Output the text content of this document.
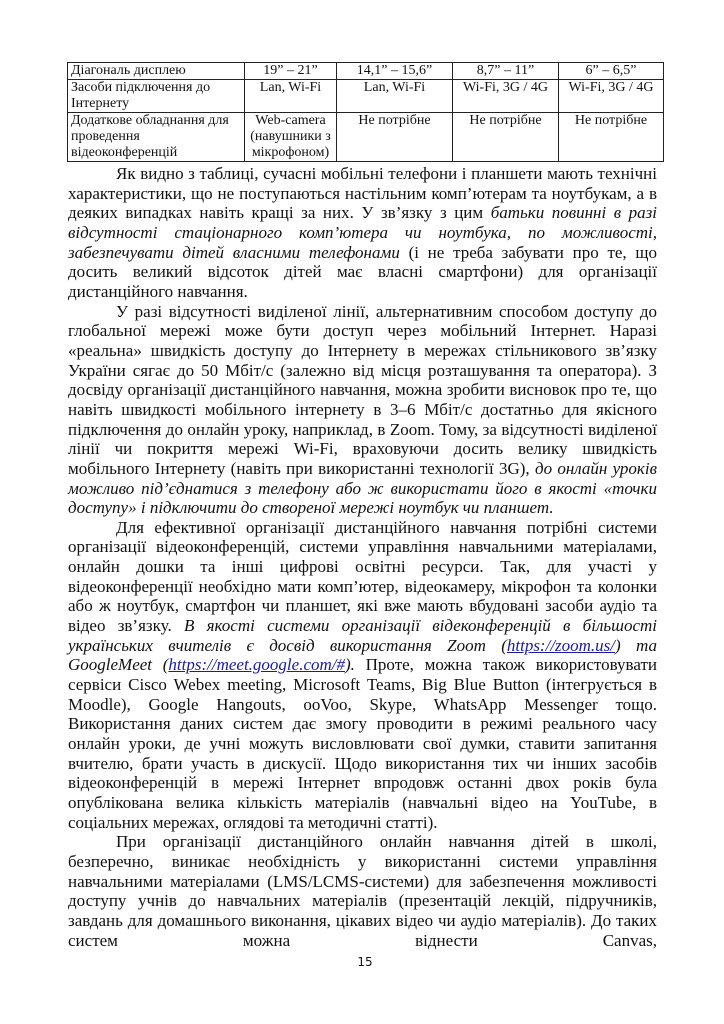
Діагональ дисплею	19” – 21”	14,1” – 15,6”	8,7” – 11”	6” – 6,5”
Засоби підключення до Інтернету	Lan, Wi-Fi	Lan, Wi-Fi	Wi-Fi, 3G / 4G	Wi-Fi, 3G / 4G
Додаткове обладнання для проведення відеоконференцій	Web-camera (навушники з мікрофоном)	Не потрібне	Не потрібне	Не потрібне

Як видно з таблиці, сучасні мобільні телефони і планшети мають технічні характеристики, що не поступаються настільним комп’ютерам та ноутбукам, а в деяких випадках навіть кращі за них. У зв’язку з цим батьки повинні в разі відсутності стаціонарного комп’ютера чи ноутбука, по можливості, забезпечувати дітей власними телефонами (і не треба забувати про те, що досить великий відсоток дітей має власні смартфони) для організації дистанційного навчання.

У разі відсутності виділеної лінії, альтернативним способом доступу до глобальної мережі може бути доступ через мобільний Інтернет. Наразі «реальна» швидкість доступу до Інтернету в мережах стільникового зв’язку України сягає до 50 Мбіт/с (залежно від місця розташування та оператора). З досвіду організації дистанційного навчання, можна зробити висновок про те, що навіть швидкості мобільного інтернету в 3–6 Мбіт/с достатньо для якісного підключення до онлайн уроку, наприклад, в Zoom. Тому, за відсутності виділеної лінії чи покриття мережі Wi-Fi, враховуючи досить велику швидкість мобільного Інтернету (навіть при використанні технології 3G), до онлайн уроків можливо під’єднатися з телефону або ж використати його в якості «точки доступу» і підключити до створеної мережі ноутбук чи планшет.

Для ефективної організації дистанційного навчання потрібні системи організації відеоконференцій, системи управління навчальними матеріалами, онлайн дошки та інші цифрові освітні ресурси. Так, для участі у відеоконференції необхідно мати комп’ютер, відеокамеру, мікрофон та колонки або ж ноутбук, смартфон чи планшет, які вже мають вбудовані засоби аудіо та відео зв’язку. В якості системи організації відеконференцій в більшості українських вчителів є досвід використання Zoom (https://zoom.us/) та GoogleMeet (https://meet.google.com/#). Проте, можна також використовувати сервіси Cisco Webex meeting, Microsoft Teams, Big Blue Button (інтегрується в Moodle), Google Hangouts, ooVoo, Skype, WhatsApp Messenger тощо. Використання даних систем дає змогу проводити в режимі реального часу онлайн уроки, де учні можуть висловлювати свої думки, ставити запитання вчителю, брати участь в дискусії. Щодо використання тих чи інших засобів відеоконференцій в мережі Інтернет впродовж останні двох років була опублікована велика кількість матеріалів (навчальні відео на YouTube, в соціальних мережах, оглядові та методичні статті).

При організації дистанційного онлайн навчання дітей в школі, безперечно, виникає необхідність у використанні системи управління навчальними матеріалами (LMS/LCMS-системи) для забезпечення можливості доступу учнів до навчальних матеріалів (презентацій лекцій, підручників, завдань для домашнього виконання, цікавих відео чи аудіо матеріалів). До таких систем можна віднести Canvas,

15
